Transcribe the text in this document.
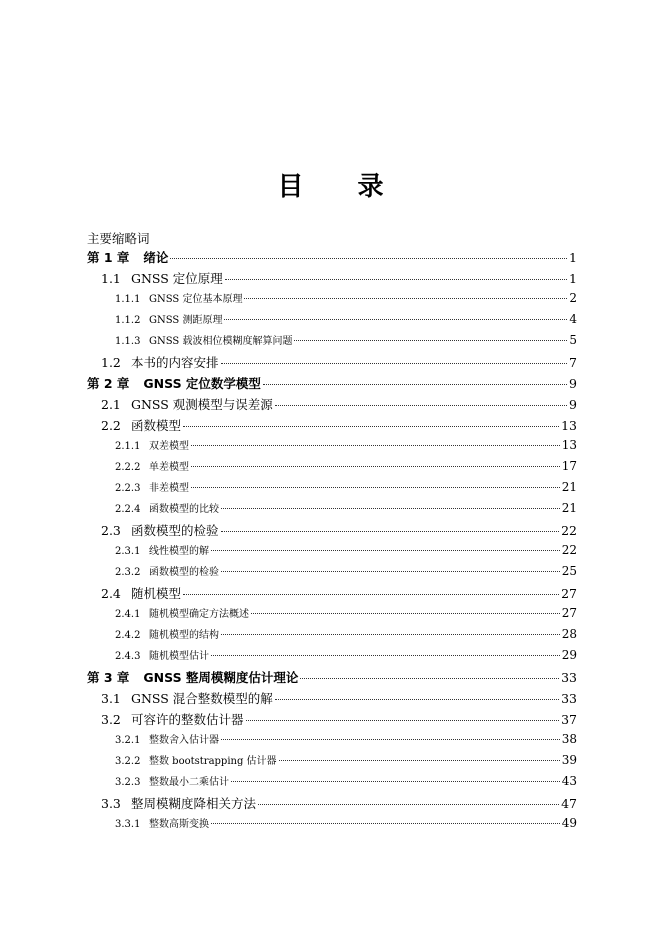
目 录
主要缩略词
第 1 章 绪论	1
1.1 GNSS 定位原理	1
1.1.1 GNSS 定位基本原理	2
1.1.2 GNSS 测距原理	4
1.1.3 GNSS 载波相位模糊度解算问题	5
1.2 本书的内容安排	7
第 2 章 GNSS 定位数学模型	9
2.1 GNSS 观测模型与误差源	9
2.2 函数模型	13
2.1.1 双差模型	13
2.2.2 单差模型	17
2.2.3 非差模型	21
2.2.4 函数模型的比较	21
2.3 函数模型的检验	22
2.3.1 线性模型的解	22
2.3.2 函数模型的检验	25
2.4 随机模型	27
2.4.1 随机模型确定方法概述	27
2.4.2 随机模型的结构	28
2.4.3 随机模型估计	29
第 3 章 GNSS 整周模糊度估计理论	33
3.1 GNSS 混合整数模型的解	33
3.2 可容许的整数估计器	37
3.2.1 整数舍入估计器	38
3.2.2 整数 bootstrapping 估计器	39
3.2.3 整数最小二乘估计	43
3.3 整周模糊度降相关方法	47
3.3.1 整数高斯变换	49
